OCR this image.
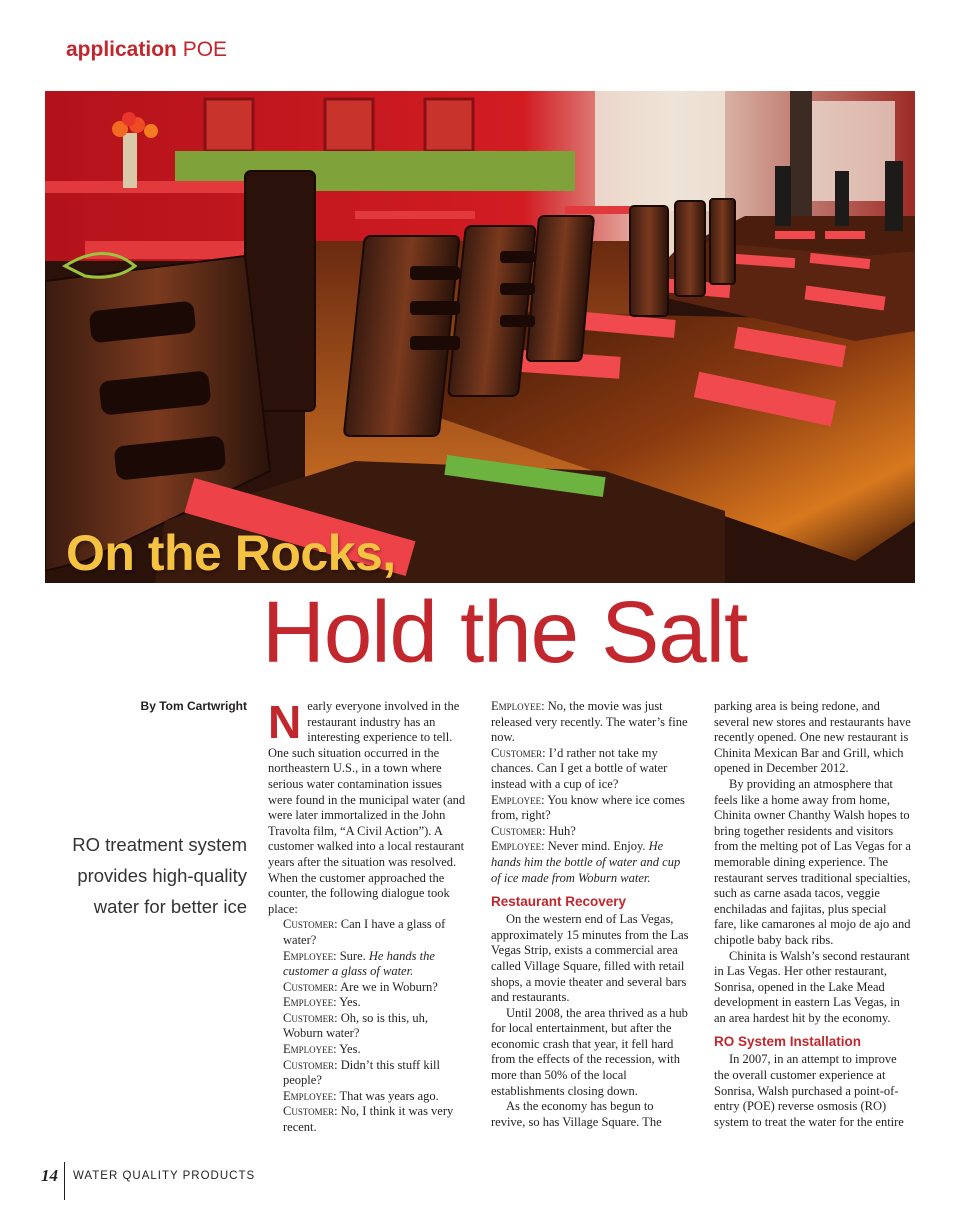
application POE
On the Rocks,
Hold the Salt
By Tom Cartwright
RO treatment system
provides high-quality
water for better ice

Nearly everyone involved in the restaurant industry has an interesting experience to tell. One such situation occurred in the northeastern U.S., in a town where serious water contamination issues were found in the municipal water (and were later immortalized in the John Travolta film, “A Civil Action”). A customer walked into a local restaurant years after the situation was resolved. When the customer approached the counter, the following dialogue took place:

Customer: Can I have a glass of water?

Employee: Sure. He hands the customer a glass of water.

Customer: Are we in Woburn?

Employee: Yes.

Customer: Oh, so is this, uh, Woburn water?

Employee: Yes.

Customer: Didn’t this stuff kill people?

Employee: That was years ago.

Customer: No, I think it was very recent.

Employee: No, the movie was just released very recently. The water’s fine now.

Customer: I’d rather not take my chances. Can I get a bottle of water instead with a cup of ice?

Employee: You know where ice comes from, right?

Customer: Huh?

Employee: Never mind. Enjoy. He hands him the bottle of water and cup of ice made from Woburn water.

Restaurant Recovery

On the western end of Las Vegas, approximately 15 minutes from the Las Vegas Strip, exists a commercial area called Village Square, filled with retail shops, a movie theater and several bars and restaurants.

Until 2008, the area thrived as a hub for local entertainment, but after the economic crash that year, it fell hard from the effects of the recession, with more than 50% of the local establishments closing down.

As the economy has begun to revive, so has Village Square. The

parking area is being redone, and several new stores and restaurants have recently opened. One new restaurant is Chinita Mexican Bar and Grill, which opened in December 2012.

By providing an atmosphere that feels like a home away from home, Chinita owner Chanthy Walsh hopes to bring together residents and visitors from the melting pot of Las Vegas for a memorable dining experience. The restaurant serves traditional specialties, such as carne asada tacos, veggie enchiladas and fajitas, plus special fare, like camarones al mojo de ajo and chipotle baby back ribs.

Chinita is Walsh’s second restaurant in Las Vegas. Her other restaurant, Sonrisa, opened in the Lake Mead development in eastern Las Vegas, in an area hardest hit by the economy.

RO System Installation

In 2007, in an attempt to improve the overall customer experience at Sonrisa, Walsh purchased a point-of-entry (POE) reverse osmosis (RO) system to treat the water for the entire

14 WATER QUALITY PRODUCTS
